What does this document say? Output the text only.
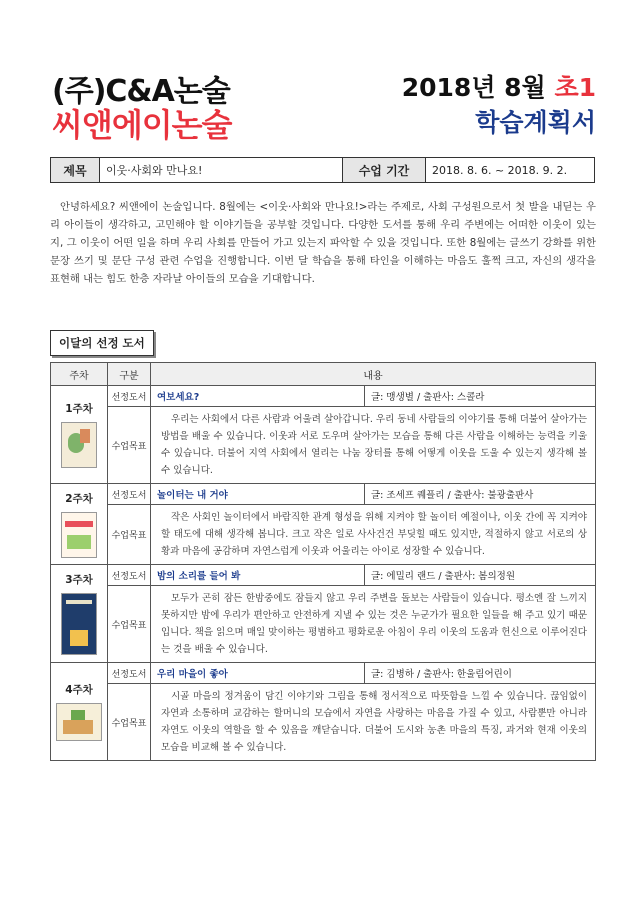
(주)C&A논술
씨앤에이논술
2018년 8월 초1
학습계획서
제목	이웃·사회와 만나요!	수업 기간	2018. 8. 6. ~ 2018. 9. 2.
안녕하세요? 씨앤에이 논술입니다. 8월에는 <이웃·사회와 만나요!>라는 주제로, 사회 구성원으로서 첫 발을 내딛는 우리 아이들이 생각하고, 고민해야 할 이야기들을 공부할 것입니다. 다양한 도서를 통해 우리 주변에는 어떠한 이웃이 있는지, 그 이웃이 어떤 일을 하며 우리 사회를 만들어 가고 있는지 파악할 수 있을 것입니다. 또한 8월에는 글쓰기 강화를 위한 문장 쓰기 및 문단 구성 관련 수업을 진행합니다. 이번 달 학습을 통해 타인을 이해하는 마음도 훌쩍 크고, 자신의 생각을 표현해 내는 힘도 한층 자라날 아이들의 모습을 기대합니다.
이달의 선정 도서
주차	구분	내용	

1주차	선정도서	여보세요?	글: 맹생별 / 출판사: 스콜라
	수업목표	우리는 사회에서 다른 사람과 어울려 살아갑니다. 우리 동네 사람들의 이야기를 통해 더불어 살아가는 방법을 배울 수 있습니다. 이웃과 서로 도우며 살아가는 모습을 통해 다른 사람을 이해하는 능력을 키울 수 있습니다. 더불어 지역 사회에서 열리는 나눔 장터를 통해 어떻게 이웃을 도울 수 있는지 생각해 볼 수 있습니다.	

2주차	선정도서	놀이터는 내 거야	글: 조세프 퀘플리 / 출판사: 불광출판사
	수업목표	작은 사회인 놀이터에서 바람직한 관계 형성을 위해 지켜야 할 놀이터 예절이나, 이웃 간에 꼭 지켜야 할 태도에 대해 생각해 봅니다. 크고 작은 일로 사사건건 부딪힐 때도 있지만, 적절하지 않고 서로의 상황과 마음에 공감하며 자연스럽게 이웃과 어울리는 아이로 성장할 수 있습니다.	

3주차	선정도서	밤의 소리를 들어 봐	글: 에밀리 랜드 / 출판사: 봄의정원
	수업목표	모두가 곤히 잠든 한밤중에도 잠들지 않고 우리 주변을 돌보는 사람들이 있습니다. 평소엔 잘 느끼지 못하지만 밤에 우리가 편안하고 안전하게 지낼 수 있는 것은 누군가가 필요한 일들을 해 주고 있기 때문입니다. 책을 읽으며 매일 맞이하는 평범하고 평화로운 아침이 우리 이웃의 도움과 헌신으로 이루어진다는 것을 배울 수 있습니다.	

4주차	선정도서	우리 마을이 좋아	글: 김병하 / 출판사: 한울림어린이
	수업목표	시골 마을의 정겨움이 담긴 이야기와 그림을 통해 정서적으로 따뜻함을 느낄 수 있습니다. 끊임없이 자연과 소통하며 교감하는 할머니의 모습에서 자연을 사랑하는 마음을 가질 수 있고, 사람뿐만 아니라 자연도 이웃의 역할을 할 수 있음을 깨닫습니다. 더불어 도시와 농촌 마을의 특징, 과거와 현재 이웃의 모습을 비교해 볼 수 있습니다.	
